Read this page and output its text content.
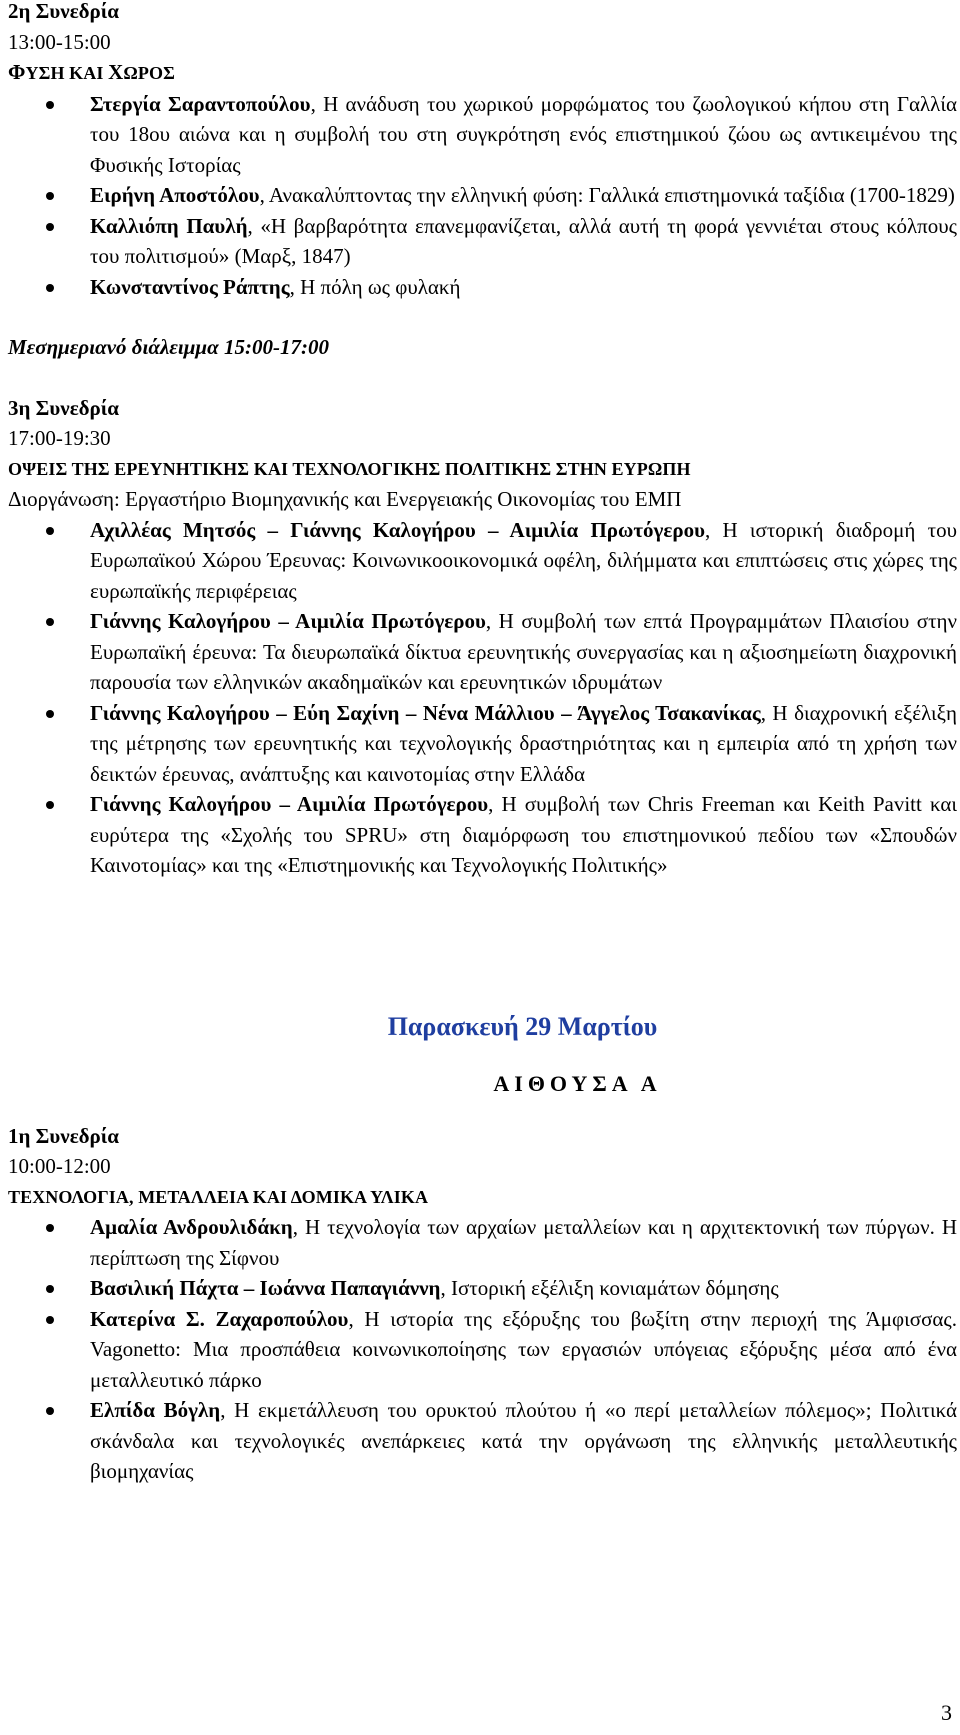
2η Συνεδρία
13:00-15:00
ΦΥΣΗ ΚΑΙ ΧΩΡΟΣ
Στεργία Σαραντοπούλου, Η ανάδυση του χωρικού μορφώματος του ζωολογικού κήπου στη Γαλλία του 18ου αιώνα και η συμβολή του στη συγκρότηση ενός επιστημικού ζώου ως αντικειμένου της Φυσικής Ιστορίας
Ειρήνη Αποστόλου, Ανακαλύπτοντας την ελληνική φύση: Γαλλικά επιστημονικά ταξίδια (1700-1829)
Καλλιόπη Παυλή, «Η βαρβαρότητα επανεμφανίζεται, αλλά αυτή τη φορά γεννιέται στους κόλπους του πολιτισμού» (Μαρξ, 1847)
Κωνσταντίνος Ράπτης, Η πόλη ως φυλακή
Μεσημεριανό διάλειμμα 15:00-17:00
3η Συνεδρία
17:00-19:30
ΟΨΕΙΣ ΤΗΣ ΕΡΕΥΝΗΤΙΚΗΣ ΚΑΙ ΤΕΧΝΟΛΟΓΙΚΗΣ ΠΟΛΙΤΙΚΗΣ ΣΤΗΝ ΕΥΡΩΠΗ
Διοργάνωση: Εργαστήριο Βιομηχανικής και Ενεργειακής Οικονομίας του ΕΜΠ
Αχιλλέας Μητσός – Γιάννης Καλογήρου – Αιμιλία Πρωτόγερου, Η ιστορική διαδρομή του Ευρωπαϊκού Χώρου Έρευνας: Κοινωνικοοικονομικά οφέλη, διλήμματα και επιπτώσεις στις χώρες της ευρωπαϊκής περιφέρειας
Γιάννης Καλογήρου – Αιμιλία Πρωτόγερου, Η συμβολή των επτά Προγραμμάτων Πλαισίου στην Ευρωπαϊκή έρευνα: Τα διευρωπαϊκά δίκτυα ερευνητικής συνεργασίας και η αξιοσημείωτη διαχρονική παρουσία των ελληνικών ακαδημαϊκών και ερευνητικών ιδρυμάτων
Γιάννης Καλογήρου – Εύη Σαχίνη – Νένα Μάλλιου – Άγγελος Τσακανίκας, Η διαχρονική εξέλιξη της μέτρησης των ερευνητικής και τεχνολογικής δραστηριότητας και η εμπειρία από τη χρήση των δεικτών έρευνας, ανάπτυξης και καινοτομίας στην Ελλάδα
Γιάννης Καλογήρου – Αιμιλία Πρωτόγερου, Η συμβολή των Chris Freeman και Keith Pavitt και ευρύτερα της «Σχολής του SPRU» στη διαμόρφωση του επιστημονικού πεδίου των «Σπουδών Καινοτομίας» και της «Επιστημονικής και Τεχνολογικής Πολιτικής»
Παρασκευή 29 Μαρτίου
ΑΙΘΟΥΣΑ Α
1η Συνεδρία
10:00-12:00
ΤΕΧΝΟΛΟΓΙΑ, ΜΕΤΑΛΛΕΙΑ ΚΑΙ ΔΟΜΙΚΑ ΥΛΙΚΑ
Αμαλία Ανδρουλιδάκη, Η τεχνολογία των αρχαίων μεταλλείων και η αρχιτεκτονική των πύργων. Η περίπτωση της Σίφνου
Βασιλική Πάχτα – Ιωάννα Παπαγιάννη, Ιστορική εξέλιξη κονιαμάτων δόμησης
Κατερίνα Σ. Ζαχαροπούλου, Η ιστορία της εξόρυξης του βωξίτη στην περιοχή της Άμφισσας. Vagonetto: Μια προσπάθεια κοινωνικοποίησης των εργασιών υπόγειας εξόρυξης μέσα από ένα μεταλλευτικό πάρκο
Ελπίδα Βόγλη, Η εκμετάλλευση του ορυκτού πλούτου ή «ο περί μεταλλείων πόλεμος»; Πολιτικά σκάνδαλα και τεχνολογικές ανεπάρκειες κατά την οργάνωση της ελληνικής μεταλλευτικής βιομηχανίας
3
